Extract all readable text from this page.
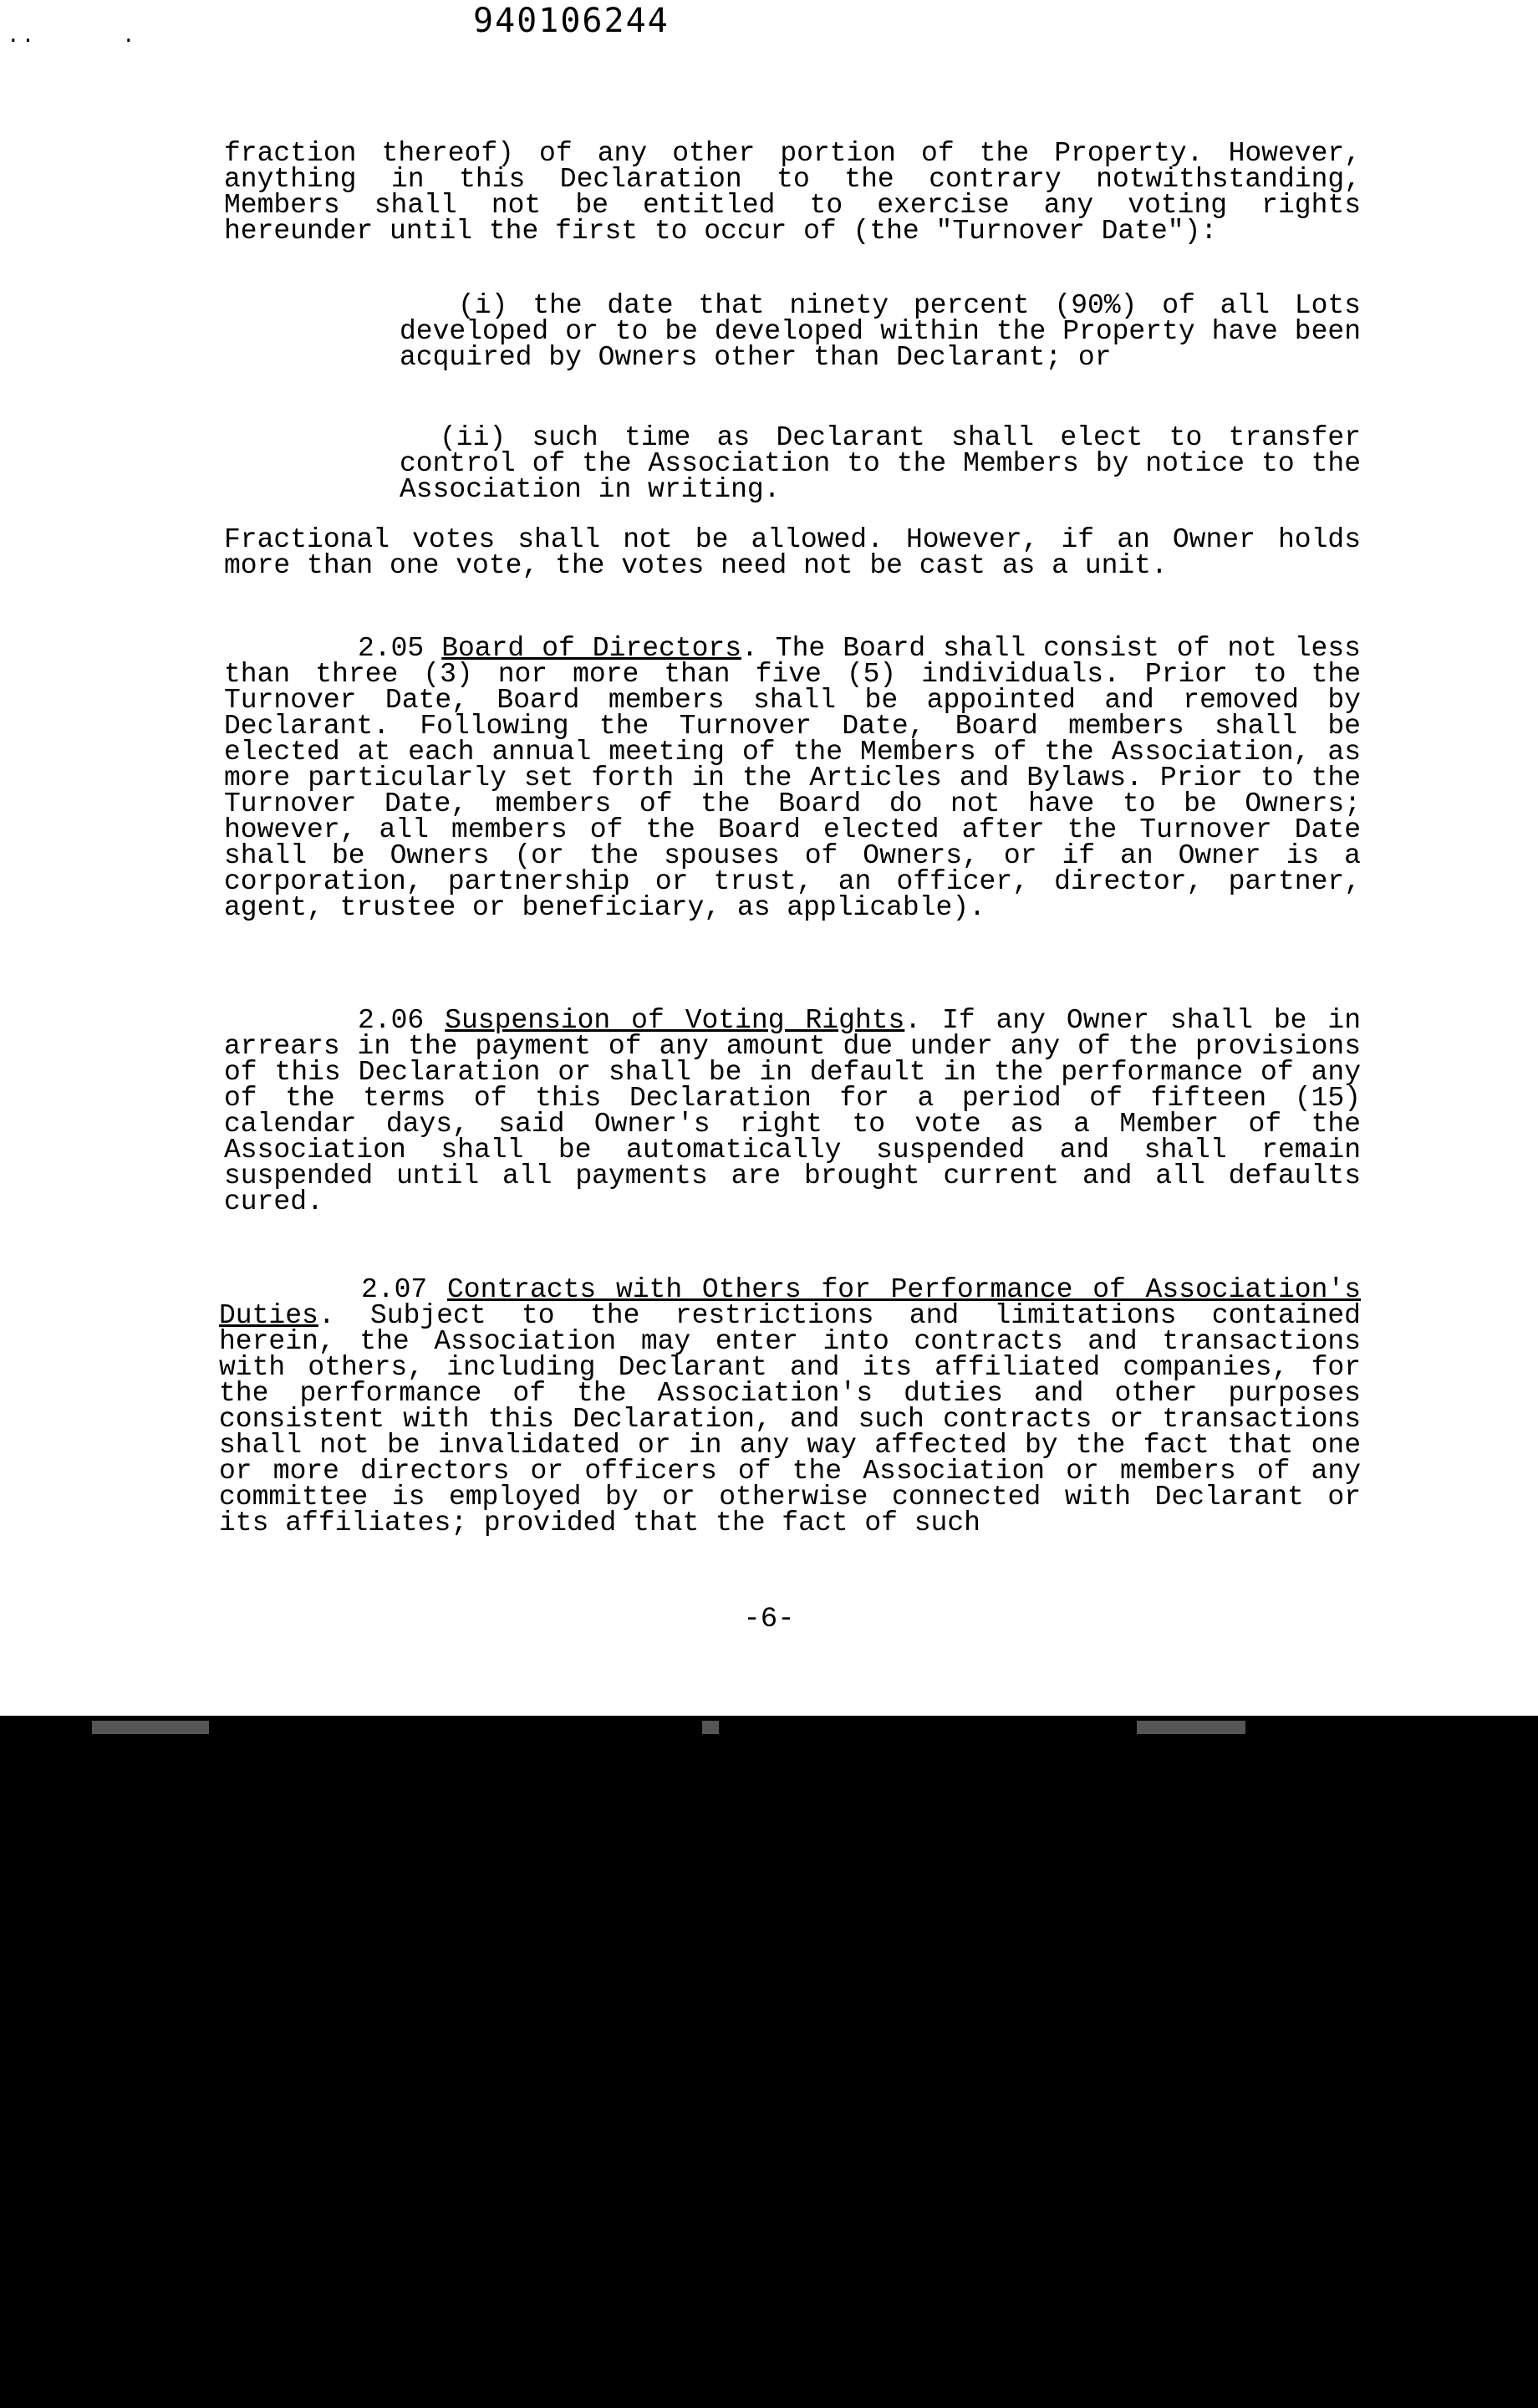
..	.	940106244

fraction thereof) of any other portion of the Property. However, anything in this Declaration to the contrary notwithstanding, Members shall not be entitled to exercise any voting rights hereunder until the first to occur of (the "Turnover Date"):

(i) the date that ninety percent (90%) of all Lots developed or to be developed within the Property have been acquired by Owners other than Declarant; or

(ii) such time as Declarant shall elect to transfer control of the Association to the Members by notice to the Association in writing.

Fractional votes shall not be allowed. However, if an Owner holds more than one vote, the votes need not be cast as a unit.

2.05 Board of Directors. The Board shall consist of not less than three (3) nor more than five (5) individuals. Prior to the Turnover Date, Board members shall be appointed and removed by Declarant. Following the Turnover Date, Board members shall be elected at each annual meeting of the Members of the Association, as more particularly set forth in the Articles and Bylaws. Prior to the Turnover Date, members of the Board do not have to be Owners; however, all members of the Board elected after the Turnover Date shall be Owners (or the spouses of Owners, or if an Owner is a corporation, partnership or trust, an officer, director, partner, agent, trustee or beneficiary, as applicable).

2.06 Suspension of Voting Rights. If any Owner shall be in arrears in the payment of any amount due under any of the provisions of this Declaration or shall be in default in the performance of any of the terms of this Declaration for a period of fifteen (15) calendar days, said Owner's right to vote as a Member of the Association shall be automatically suspended and shall remain suspended until all payments are brought current and all defaults cured.

2.07 Contracts with Others for Performance of Association's Duties. Subject to the restrictions and limitations contained herein, the Association may enter into contracts and transactions with others, including Declarant and its affiliated companies, for the performance of the Association's duties and other purposes consistent with this Declaration, and such contracts or transactions shall not be invalidated or in any way affected by the fact that one or more directors or officers of the Association or members of any committee is employed by or otherwise connected with Declarant or its affiliates; provided that the fact of such

-6-
